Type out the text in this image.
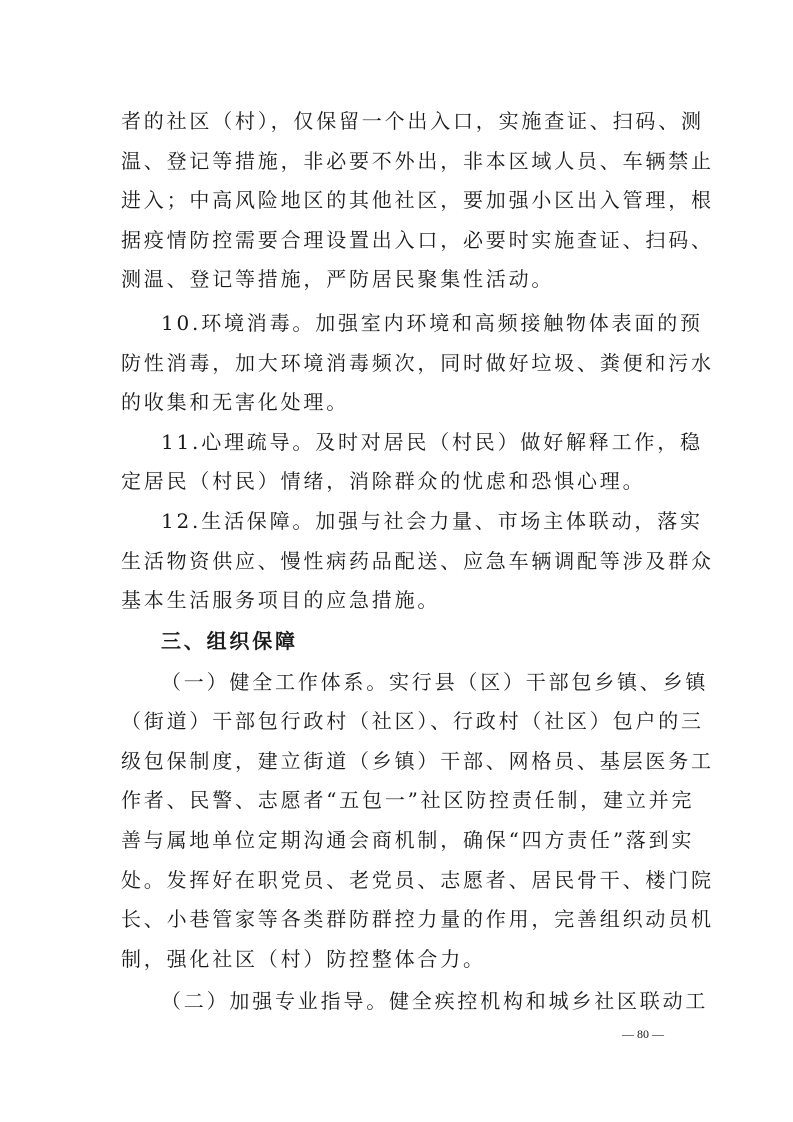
者的社区（村），仅保留一个出入口，实施查证、扫码、测
温、登记等措施，非必要不外出，非本区域人员、车辆禁止
进入；中高风险地区的其他社区，要加强小区出入管理，根
据疫情防控需要合理设置出入口，必要时实施查证、扫码、
测温、登记等措施，严防居民聚集性活动。
10.环境消毒。加强室内环境和高频接触物体表面的预
防性消毒，加大环境消毒频次，同时做好垃圾、粪便和污水
的收集和无害化处理。
11.心理疏导。及时对居民（村民）做好解释工作，稳
定居民（村民）情绪，消除群众的忧虑和恐惧心理。
12.生活保障。加强与社会力量、市场主体联动，落实
生活物资供应、慢性病药品配送、应急车辆调配等涉及群众
基本生活服务项目的应急措施。
三、组织保障
（一）健全工作体系。实行县（区）干部包乡镇、乡镇
（街道）干部包行政村（社区）、行政村（社区）包户的三
级包保制度，建立街道（乡镇）干部、网格员、基层医务工
作者、民警、志愿者“五包一”社区防控责任制，建立并完
善与属地单位定期沟通会商机制，确保“四方责任”落到实
处。发挥好在职党员、老党员、志愿者、居民骨干、楼门院
长、小巷管家等各类群防群控力量的作用，完善组织动员机
制，强化社区（村）防控整体合力。
（二）加强专业指导。健全疾控机构和城乡社区联动工
— 80 —
